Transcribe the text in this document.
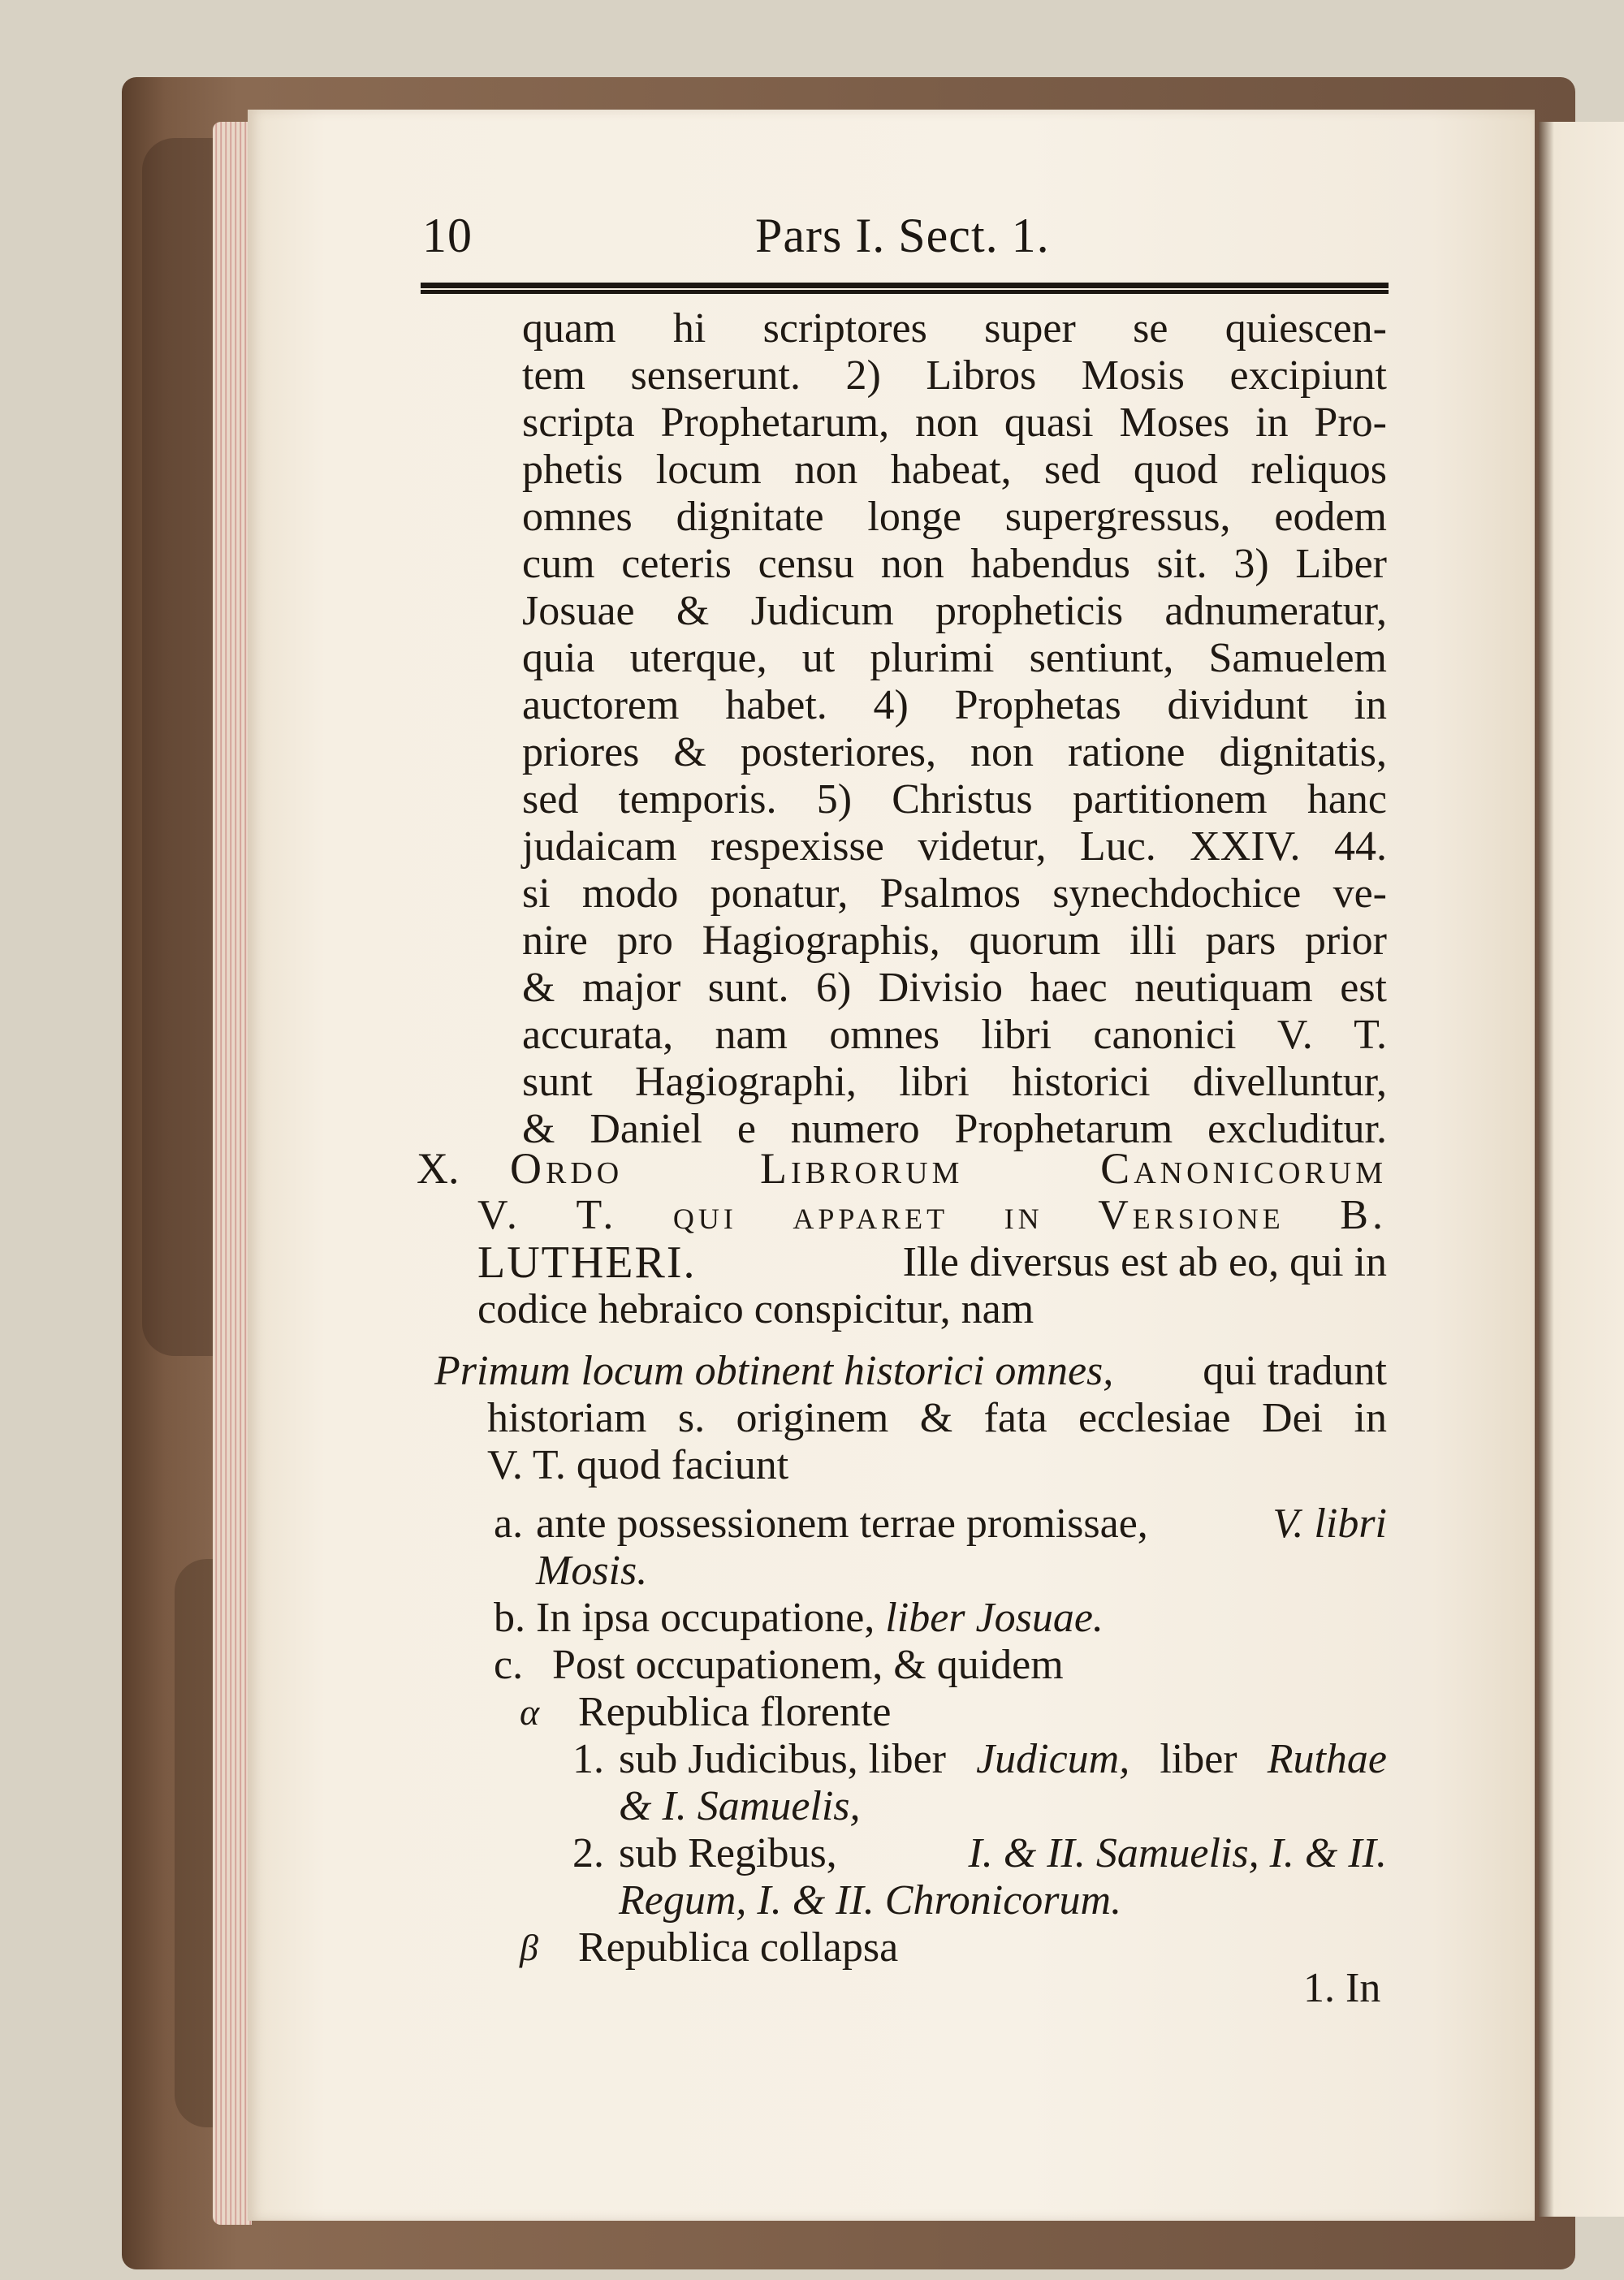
10	Pars I. Sect. 1.
quam hi scriptores super se quiescen-
tem senserunt. 2) Libros Mosis excipiunt
scripta Prophetarum, non quasi Moses in Pro-
phetis locum non habeat, sed quod reliquos
omnes dignitate longe supergressus, eodem
cum ceteris censu non habendus sit. 3) Liber
Josuae & Judicum propheticis adnumeratur,
quia uterque, ut plurimi sentiunt, Samuelem
auctorem habet. 4) Prophetas dividunt in
priores & posteriores, non ratione dignitatis,
sed temporis. 5) Christus partitionem hanc
judaicam respexisse videtur, Luc. XXIV. 44.
si modo ponatur, Psalmos synechdochice ve-
nire pro Hagiographis, quorum illi pars prior
& major sunt. 6) Divisio haec neutiquam est
accurata, nam omnes libri canonici V. T.
sunt Hagiographi, libri historici divelluntur,
& Daniel e numero Prophetarum excluditur.
X. Ordo Librorum Canonicorum
V. T. qui apparet in Versione B.
LUTHERI.	Ille diversus est ab eo, qui in
codice hebraico conspicitur, nam
Primum locum obtinent historici omnes, qui tradunt
historiam s. originem & fata ecclesiae Dei in
V. T. quod faciunt
a. ante possessionem terrae promissae,	V. libri
Mosis.
b. In ipsa occupatione, liber Josuae.
c. Post occupationem, & quidem
α Republica florente
1. sub Judicibus, liber Judicum, liber Ruthae
& I. Samuelis,
2. sub Regibus,	I. & II. Samuelis, I. & II.
Regum, I. & II. Chronicorum.
β Republica collapsa
1. In
